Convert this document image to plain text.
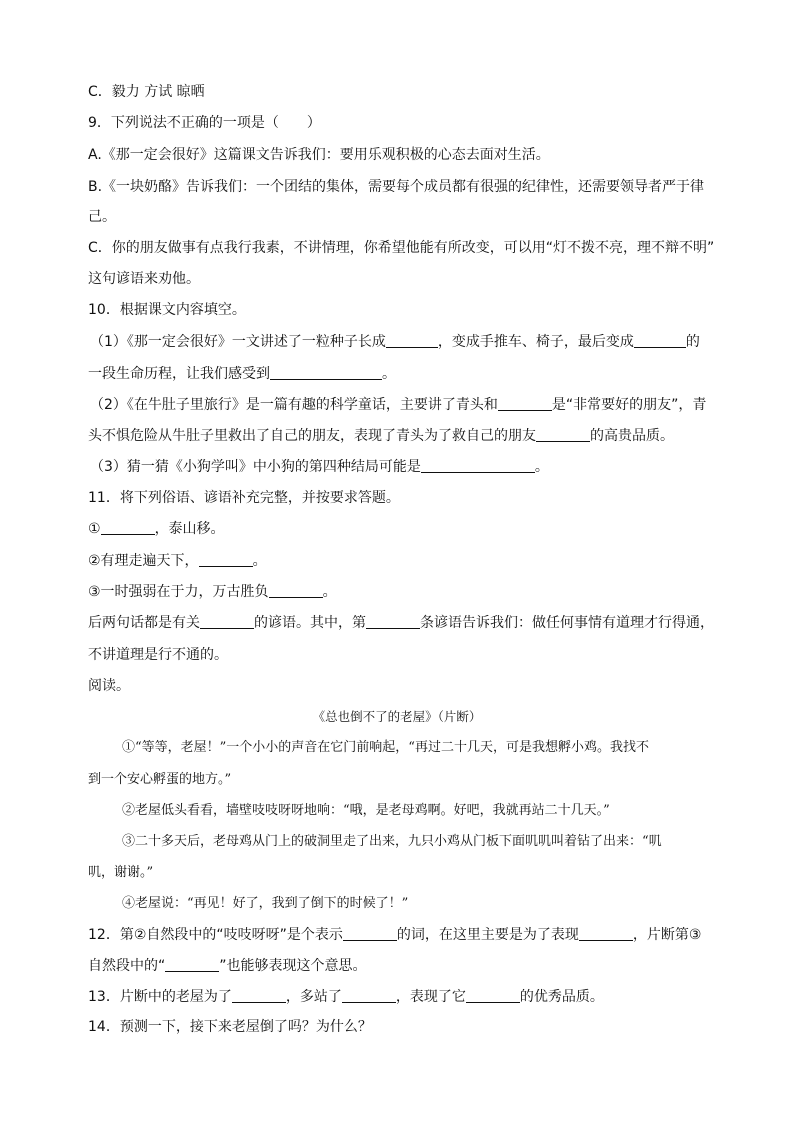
C．毅力 方试 晾晒
9．下列说法不正确的一项是（　　）
A.《那一定会很好》这篇课文告诉我们：要用乐观积极的心态去面对生活。
B.《一块奶酪》告诉我们：一个团结的集体，需要每个成员都有很强的纪律性，还需要领导者严于律
己。
C．你的朋友做事有点我行我素，不讲情理，你希望他能有所改变，可以用“灯不拨不亮，理不辩不明”
这句谚语来劝他。
10．根据课文内容填空。
（1）《那一定会很好》一文讲述了一粒种子长成	，变成手推车、椅子，最后变成	的
一段生命历程，让我们感受到	。
（2）《在牛肚子里旅行》是一篇有趣的科学童话，主要讲了青头和	是“非常要好的朋友”，青
头不惧危险从牛肚子里救出了自己的朋友，表现了青头为了救自己的朋友	的高贵品质。
（3）猜一猜《小狗学叫》中小狗的第四种结局可能是	。
11．将下列俗语、谚语补充完整，并按要求答题。
①	，泰山移。
②有理走遍天下，	。
③一时强弱在于力，万古胜负	。
后两句话都是有关	的谚语。其中，第	条谚语告诉我们：做任何事情有道理才行得通，
不讲道理是行不通的。
阅读。
《总也倒不了的老屋》（片断）
①“等等，老屋！”一个小小的声音在它门前响起，“再过二十几天，可是我想孵小鸡。我找不
到一个安心孵蛋的地方。”
②老屋低头看看，墙壁吱吱呀呀地响：“哦，是老母鸡啊。好吧，我就再站二十几天。”
③二十多天后，老母鸡从门上的破洞里走了出来，九只小鸡从门板下面叽叽叫着钻了出来：“叽
叽，谢谢。”
④老屋说：“再见！好了，我到了倒下的时候了！”
12．第②自然段中的“吱吱呀呀”是个表示	的词，在这里主要是为了表现	，片断第③
自然段中的“	”也能够表现这个意思。
13．片断中的老屋为了	，多站了	，表现了它	的优秀品质。
14．预测一下，接下来老屋倒了吗？为什么？
